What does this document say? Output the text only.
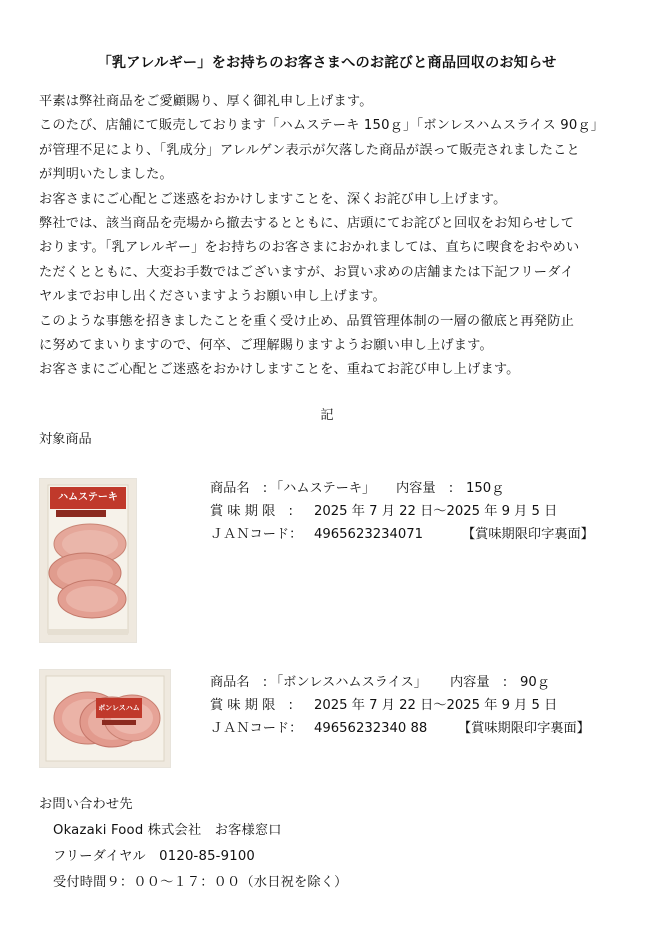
「乳アレルギー」をお持ちのお客さまへのお詫びと商品回収のお知らせ
平素は弊社商品をご愛顧賜り、厚く御礼申し上げます。
このたび、店舗にて販売しております「ハムステーキ 150ｇ」「ボンレスハムスライス 90ｇ」
が管理不足により、「乳成分」アレルゲン表示が欠落した商品が誤って販売されましたこと
が判明いたしました。
お客さまにご心配とご迷惑をおかけしますことを、深くお詫び申し上げます。
弊社では、該当商品を売場から撤去するとともに、店頭にてお詫びと回収をお知らせして
おります。「乳アレルギー」をお持ちのお客さまにおかれましては、直ちに喫食をおやめい
ただくとともに、大変お手数ではございますが、お買い求めの店舗または下記フリーダイ
ヤルまでお申し出くださいますようお願い申し上げます。
このような事態を招きましたことを重く受け止め、品質管理体制の一層の徹底と再発防止
に努めてまいりますので、何卒、ご理解賜りますようお願い申し上げます。
お客さまにご心配とご迷惑をおかけしますことを、重ねてお詫び申し上げます。
記
対象商品
ハムステーキ
商品名　: 「ハムステーキ」 内容量　: 150ｇ
賞 味 期 限　: 2025 年 7 月 22 日～2025 年 9 月 5 日
ＪＡＮコード： 4965623234071	【賞味期限印字裏面】
ボンレスハム
商品名　: 「ボンレスハムスライス」 内容量　: 90ｇ
賞 味 期 限　: 2025 年 7 月 22 日～2025 年 9 月 5 日
ＪＡＮコード： 49656232340 88 【賞味期限印字裏面】
お問い合わせ先
Okazaki Food 株式会社　お客様窓口
フリーダイヤル　0120-85-9100
受付時間９：００～１７：００（水日祝を除く）
